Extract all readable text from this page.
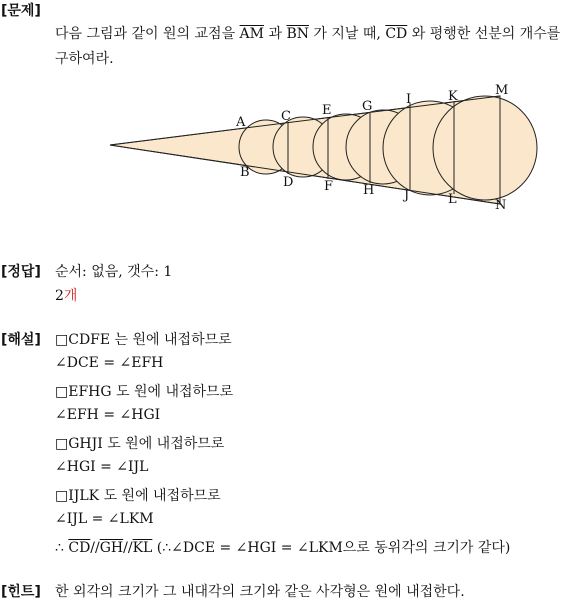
[문제]
다음 그림과 같이 원의 교점을 $\overline{AM}$ 과 $\overline{BN}$ 가 지날 때, $\overline{CD}$ 와 평행한 선분의 개수를
구하여라.
A
B
C
D
E
F
G
H
I
J
K
L
M
N
[정답] 순서: 없음, 갯수: 1
2개
[해설] □CDFE 는 원에 내접하므로
∠DCE = ∠EFH
□EFHG 도 원에 내접하므로
∠EFH = ∠HGI
□GHJI 도 원에 내접하므로
∠HGI = ∠IJL
□IJLK 도 원에 내접하므로
∠IJL = ∠LKM
∴ $\overline{CD}//\overline{GH}//\overline{KL}$ (∴∠DCE = ∠HGI = ∠LKM으로 동위각의 크기가 같다)
[힌트] 한 외각의 크기가 그 내대각의 크기와 같은 사각형은 원에 내접한다.
